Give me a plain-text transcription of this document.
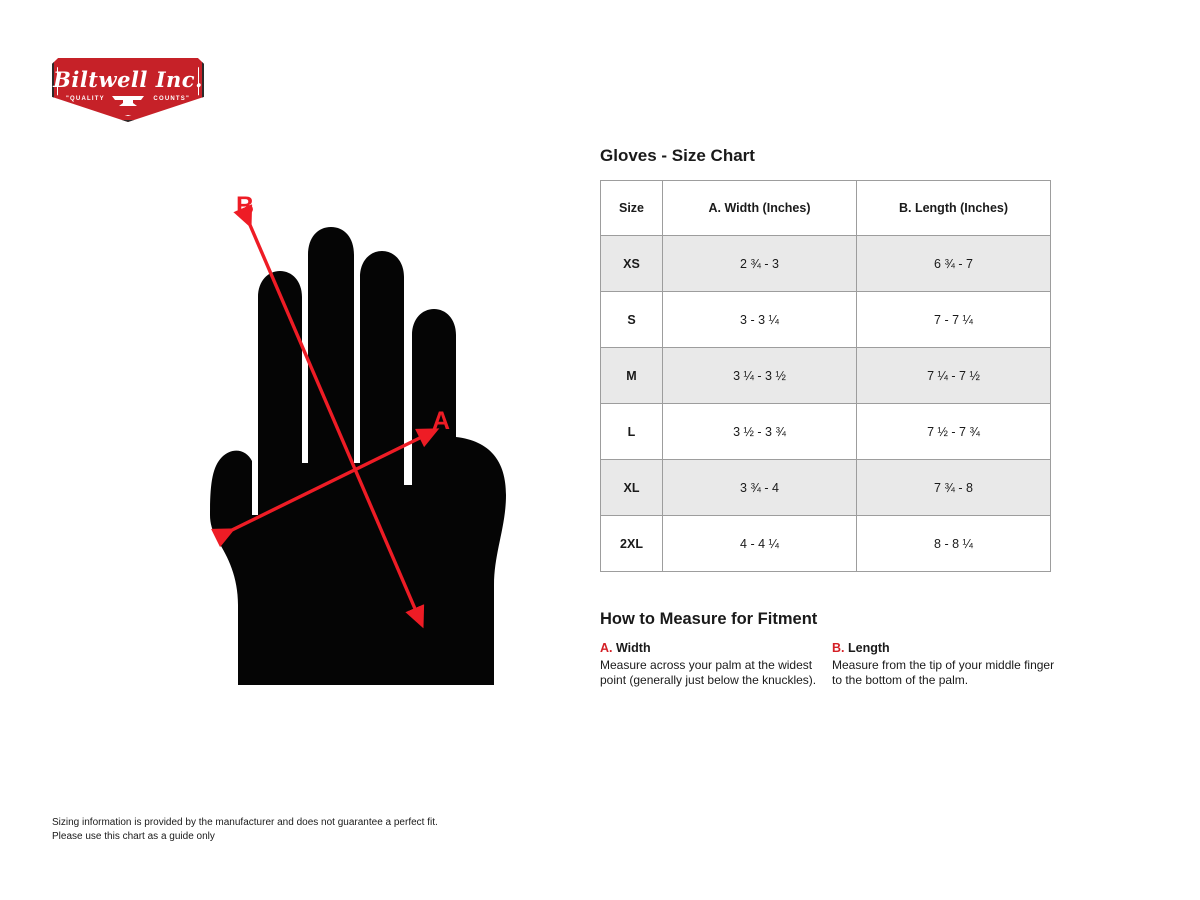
Biltwell Inc.
"QUALITY	COUNTS"
B
A
Gloves - Size Chart
Size	A. Width (Inches)	B. Length (Inches)
XS	2 ¾ - 3	6 ¾ - 7
S	3 - 3 ¼	7 - 7 ¼
M	3 ¼ - 3 ½	7 ¼ - 7 ½
L	3 ½ - 3 ¾	7 ½ - 7 ¾
XL	3 ¾ - 4	7 ¾ - 8
2XL	4 - 4 ¼	8 - 8 ¼
How to Measure for Fitment
A. Width
Measure across your palm at the widest point (generally just below the knuckles).
B. Length
Measure from the tip of your middle finger to the bottom of the palm.
Sizing information is provided by the manufacturer and does not guarantee a perfect fit.
Please use this chart as a guide only
